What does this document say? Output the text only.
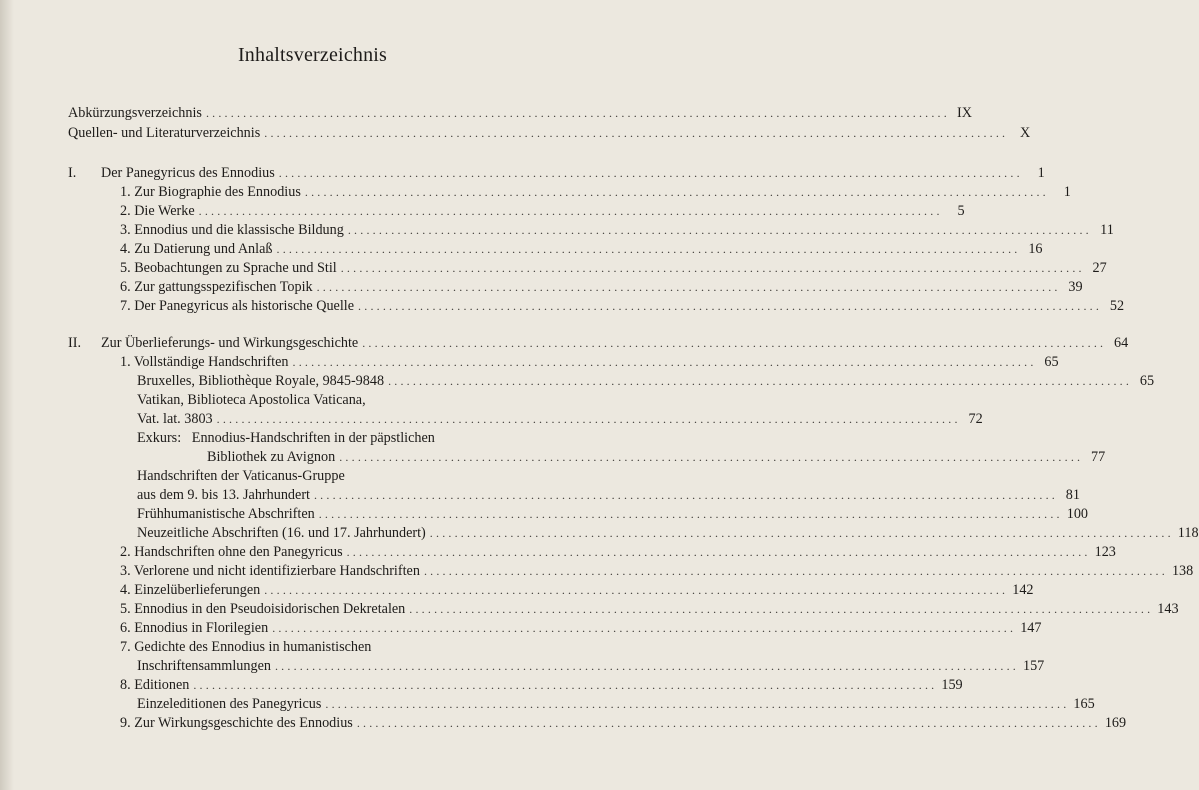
Inhaltsverzeichnis
Abkürzungsverzeichnis ........................................................................................................................ IX
Quellen- und Literaturverzeichnis ........................................................................................................................ X
I.	Der Panegyricus des Ennodius ........................................................................................................................	1
1. Zur Biographie des Ennodius ........................................................................................................................	1
2. Die Werke ........................................................................................................................	5
3. Ennodius und die klassische Bildung ........................................................................................................................ 11
4. Zu Datierung und Anlaß ........................................................................................................................ 16
5. Beobachtungen zu Sprache und Stil ........................................................................................................................ 27
6. Zur gattungsspezifischen Topik ........................................................................................................................ 39
7. Der Panegyricus als historische Quelle ........................................................................................................................ 52
II.	Zur Überlieferungs- und Wirkungsgeschichte ........................................................................................................................ 64
1. Vollständige Handschriften ........................................................................................................................ 65
Bruxelles, Bibliothèque Royale, 9845-9848 ........................................................................................................................ 65
Vatikan, Biblioteca Apostolica Vaticana,
Vat. lat. 3803 ........................................................................................................................ 72
Exkurs:   Ennodius-Handschriften in der päpstlichen
Bibliothek zu Avignon ........................................................................................................................ 77
Handschriften der Vaticanus-Gruppe
aus dem 9. bis 13. Jahrhundert ........................................................................................................................ 81
Frühhumanistische Abschriften ........................................................................................................................ 100
Neuzeitliche Abschriften (16. und 17. Jahrhundert) ........................................................................................................................ 118
2. Handschriften ohne den Panegyricus ........................................................................................................................ 123
3. Verlorene und nicht identifizierbare Handschriften ........................................................................................................................ 138
4. Einzelüberlieferungen ........................................................................................................................ 142
5. Ennodius in den Pseudoisidorischen Dekretalen ........................................................................................................................ 143
6. Ennodius in Florilegien ........................................................................................................................ 147
7. Gedichte des Ennodius in humanistischen
Inschriftensammlungen ........................................................................................................................ 157
8. Editionen ........................................................................................................................ 159
Einzeleditionen des Panegyricus ........................................................................................................................ 165
9. Zur Wirkungsgeschichte des Ennodius ........................................................................................................................ 169
